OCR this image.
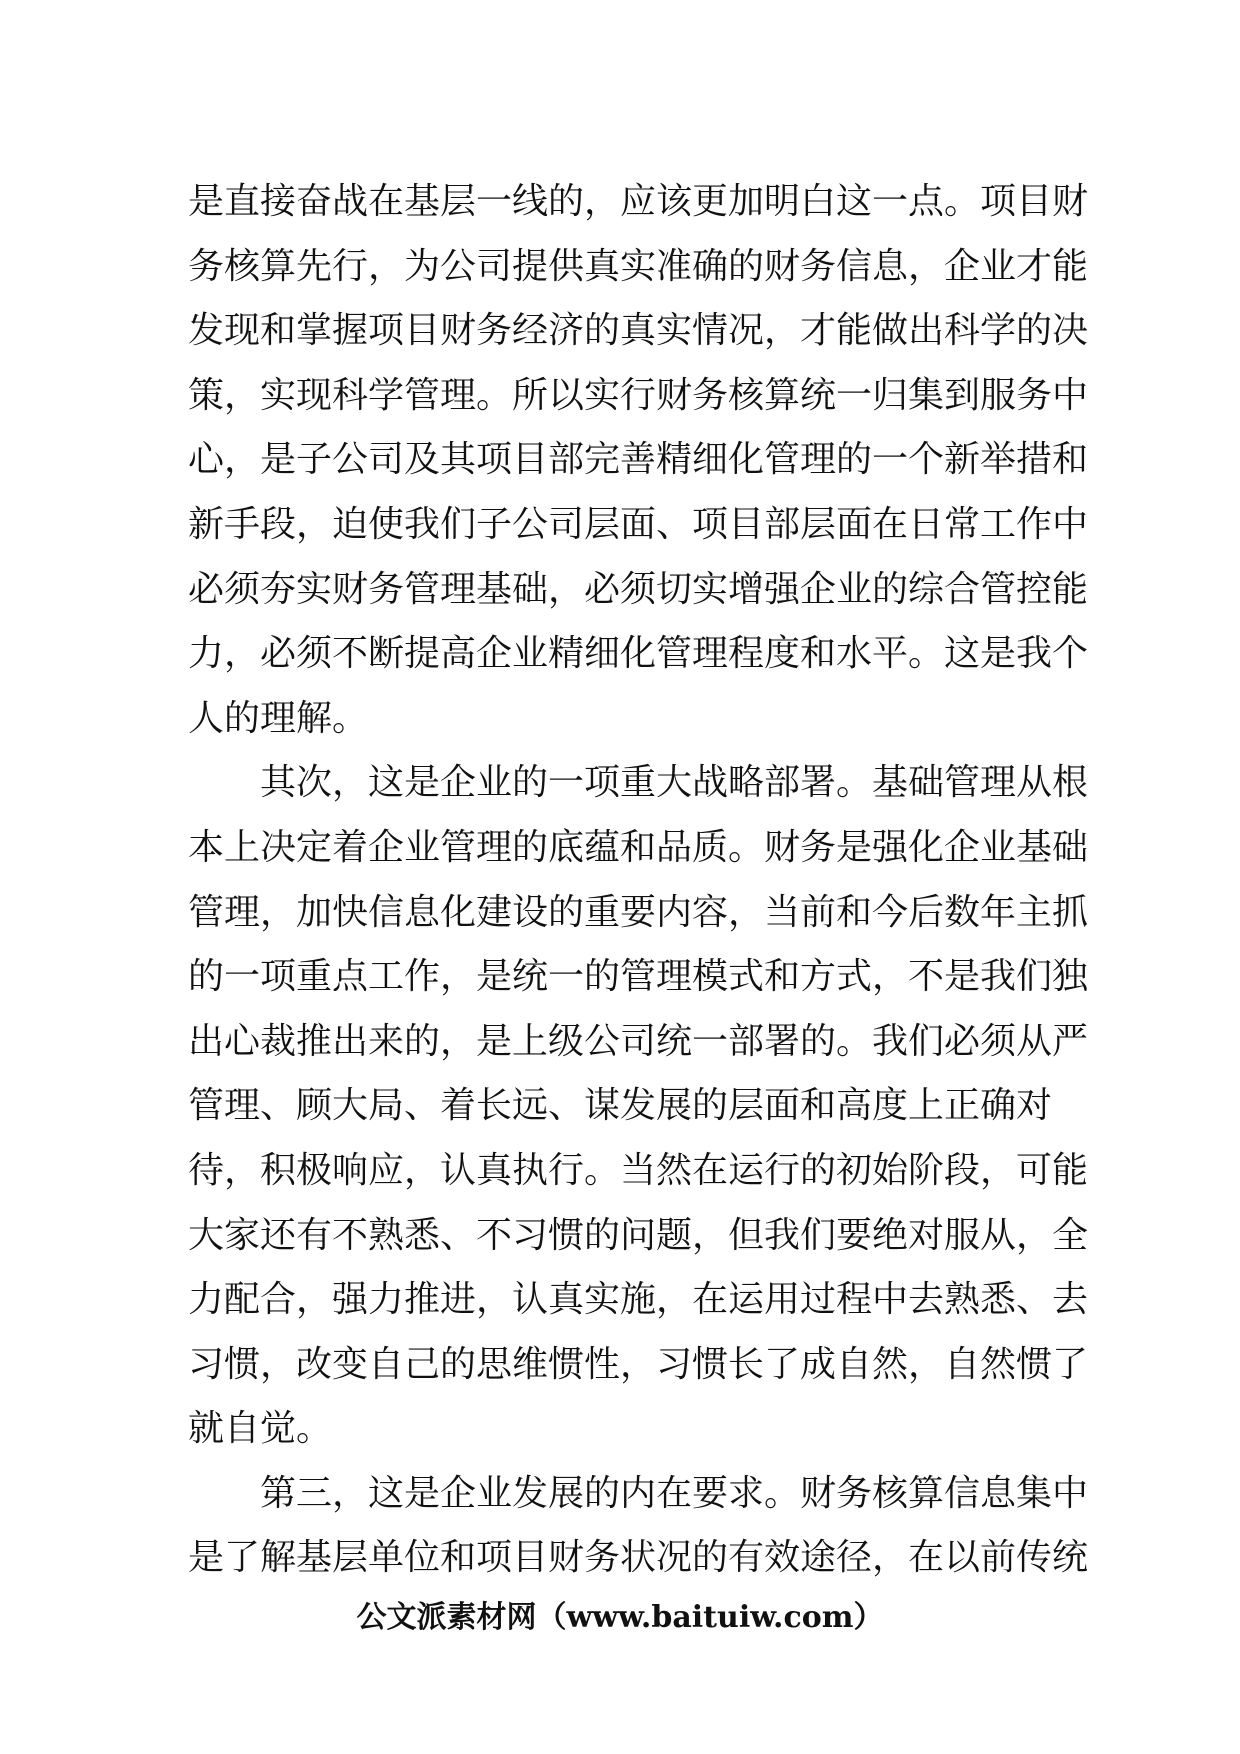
是直接奋战在基层一线的，应该更加明白这一点。项目财
务核算先行，为公司提供真实准确的财务信息，企业才能
发现和掌握项目财务经济的真实情况，才能做出科学的决
策，实现科学管理。所以实行财务核算统一归集到服务中
心，是子公司及其项目部完善精细化管理的一个新举措和
新手段，迫使我们子公司层面、项目部层面在日常工作中
必须夯实财务管理基础，必须切实增强企业的综合管控能
力，必须不断提高企业精细化管理程度和水平。这是我个
人的理解。
　　其次，这是企业的一项重大战略部署。基础管理从根
本上决定着企业管理的底蕴和品质。财务是强化企业基础
管理，加快信息化建设的重要内容，当前和今后数年主抓
的一项重点工作，是统一的管理模式和方式，不是我们独
出心裁推出来的，是上级公司统一部署的。我们必须从严
管理、顾大局、着长远、谋发展的层面和高度上正确对
待，积极响应，认真执行。当然在运行的初始阶段，可能
大家还有不熟悉、不习惯的问题，但我们要绝对服从，全
力配合，强力推进，认真实施，在运用过程中去熟悉、去
习惯，改变自己的思维惯性，习惯长了成自然，自然惯了
就自觉。
　　第三，这是企业发展的内在要求。财务核算信息集中
是了解基层单位和项目财务状况的有效途径，在以前传统
公文派素材网（www.baituiw.com）
